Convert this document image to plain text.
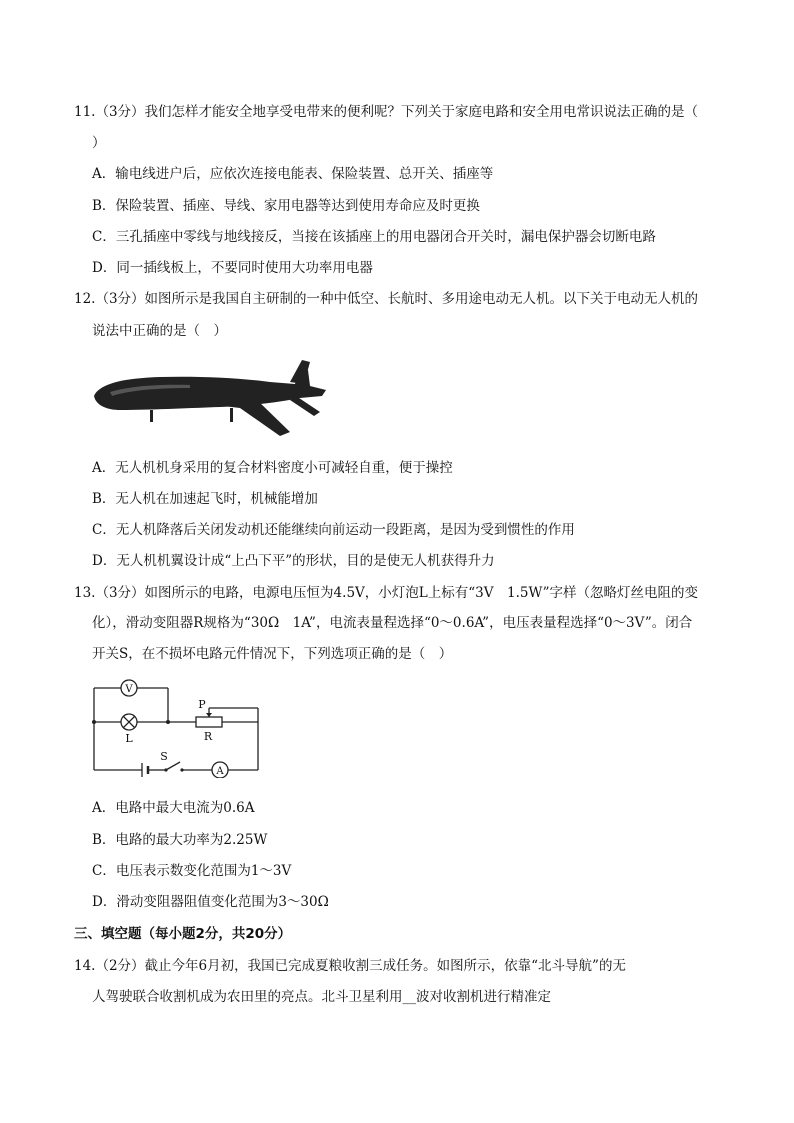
11.（3分）我们怎样才能安全地享受电带来的便利呢？下列关于家庭电路和安全用电常识说法正确的是（
）
A．输电线进户后，应依次连接电能表、保险装置、总开关、插座等
B．保险装置、插座、导线、家用电器等达到使用寿命应及时更换
C．三孔插座中零线与地线接反，当接在该插座上的用电器闭合开关时，漏电保护器会切断电路
D．同一插线板上，不要同时使用大功率用电器
12.（3分）如图所示是我国自主研制的一种中低空、长航时、多用途电动无人机。以下关于电动无人机的
说法中正确的是（　）
A．无人机机身采用的复合材料密度小可减轻自重，便于操控
B．无人机在加速起飞时，机械能增加
C．无人机降落后关闭发动机还能继续向前运动一段距离，是因为受到惯性的作用
D．无人机机翼设计成“上凸下平”的形状，目的是使无人机获得升力
13.（3分）如图所示的电路，电源电压恒为4.5V，小灯泡L上标有“3V　1.5W”字样（忽略灯丝电阻的变
化），滑动变阻器R规格为“30Ω　1A”，电流表量程选择“0～0.6A”，电压表量程选择“0～3V”。闭合
开关S，在不损坏电路元件情况下，下列选项正确的是（　）
V
L
P
R
S
A
A．电路中最大电流为0.6A
B．电路的最大功率为2.25W
C．电压表示数变化范围为1～3V
D．滑动变阻器阻值变化范围为3～30Ω
三、填空题（每小题2分，共20分）
14.（2分）截止今年6月初，我国已完成夏粮收割三成任务。如图所示，依靠“北斗导航”的无
人驾驶联合收割机成为农田里的亮点。北斗卫星利用__波对收割机进行精准定
